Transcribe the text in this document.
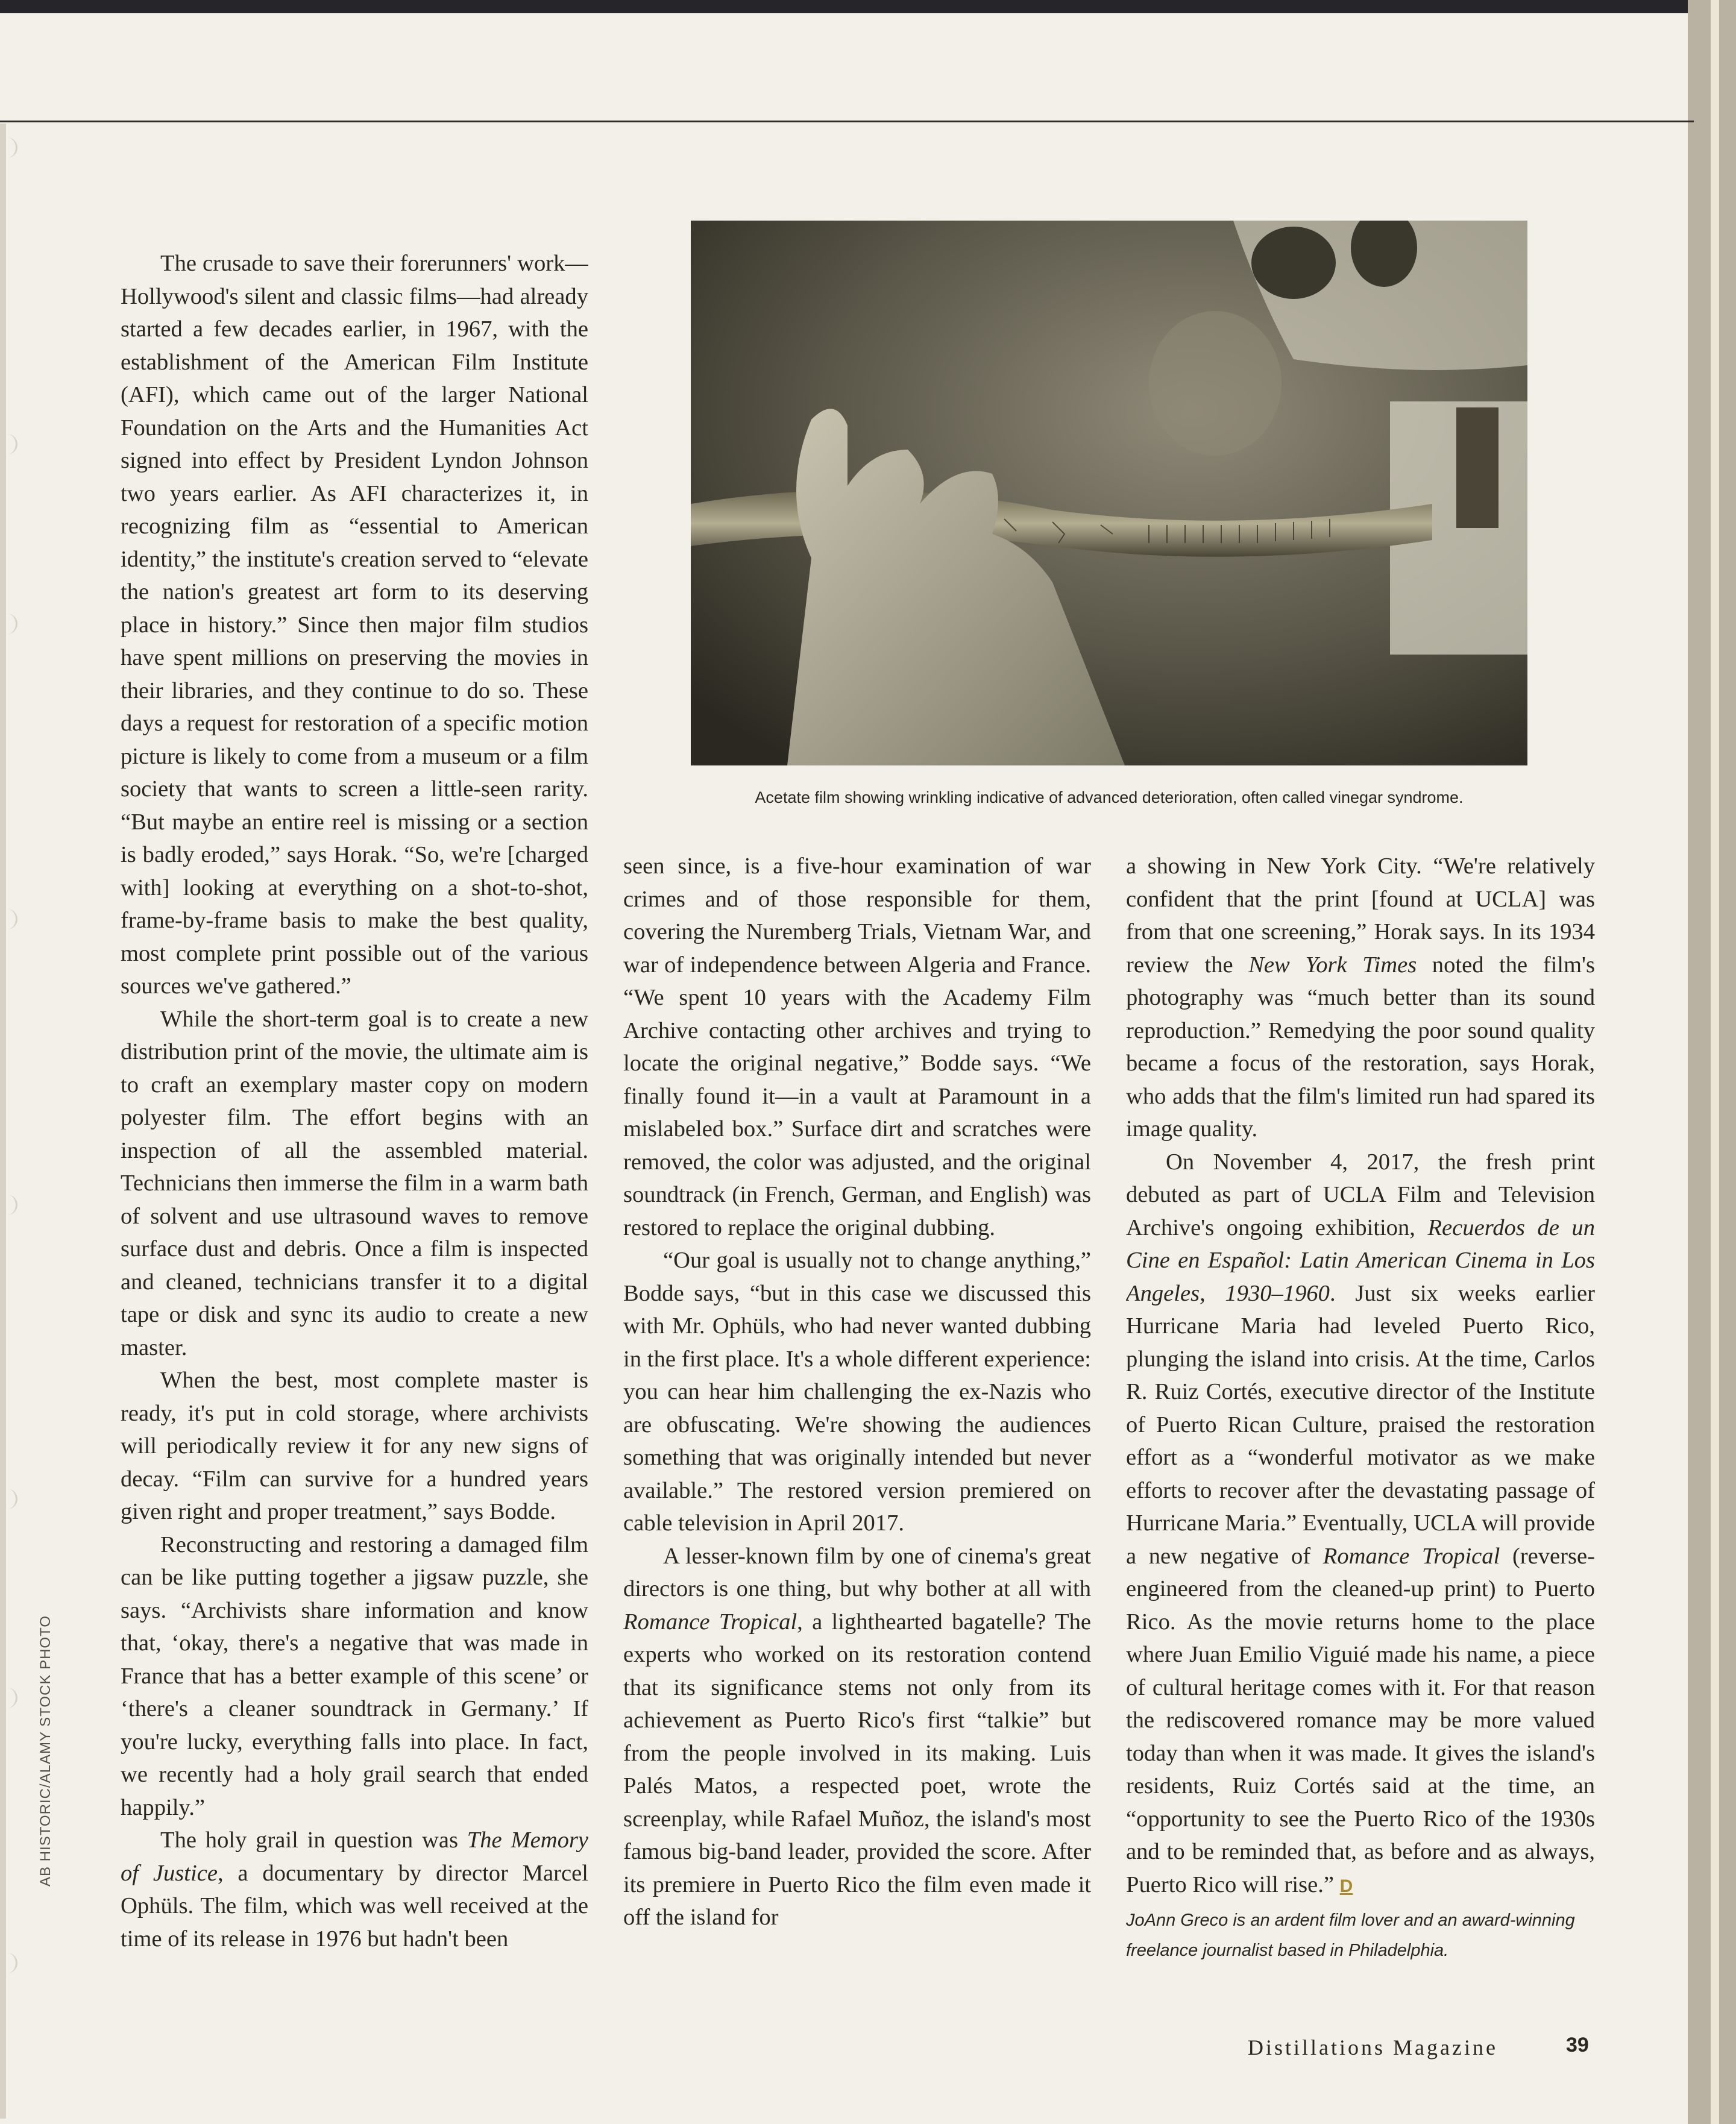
The crusade to save their forerunners' work—Hollywood's silent and classic films—had already started a few decades earlier, in 1967, with the establishment of the American Film Institute (AFI), which came out of the larger National Foundation on the Arts and the Humanities Act signed into effect by President Lyndon Johnson two years earlier. As AFI characterizes it, in recognizing film as “essential to American identity,” the institute's creation served to “elevate the nation's greatest art form to its deserving place in history.” Since then major film studios have spent millions on preserving the movies in their libraries, and they continue to do so. These days a request for restoration of a specific motion picture is likely to come from a museum or a film society that wants to screen a little-seen rarity. “But maybe an entire reel is missing or a section is badly eroded,” says Horak. “So, we're [charged with] looking at everything on a shot-to-shot, frame-by-frame basis to make the best quality, most complete print possible out of the various sources we've gathered.”

While the short-term goal is to create a new distribution print of the movie, the ultimate aim is to craft an exemplary master copy on modern polyester film. The effort begins with an inspection of all the assembled material. Technicians then immerse the film in a warm bath of solvent and use ultrasound waves to remove surface dust and debris. Once a film is inspected and cleaned, technicians transfer it to a digital tape or disk and sync its audio to create a new master.

When the best, most complete master is ready, it's put in cold storage, where archivists will periodically review it for any new signs of decay. “Film can survive for a hundred years given right and proper treatment,” says Bodde.

Reconstructing and restoring a damaged film can be like putting together a jigsaw puzzle, she says. “Archivists share information and know that, ‘okay, there's a negative that was made in France that has a better example of this scene’ or ‘there's a cleaner soundtrack in Germany.’ If you're lucky, everything falls into place. In fact, we recently had a holy grail search that ended happily.”

The holy grail in question was The Memory of Justice, a documentary by director Marcel Ophüls. The film, which was well received at the time of its release in 1976 but hadn't been

Acetate film showing wrinkling indicative of advanced deterioration, often called vinegar syndrome.

seen since, is a five-hour examination of war crimes and of those responsible for them, covering the Nuremberg Trials, Vietnam War, and war of independence between Algeria and France. “We spent 10 years with the Academy Film Archive contacting other archives and trying to locate the original negative,” Bodde says. “We finally found it—in a vault at Paramount in a mislabeled box.” Surface dirt and scratches were removed, the color was adjusted, and the original soundtrack (in French, German, and English) was restored to replace the original dubbing.

“Our goal is usually not to change anything,” Bodde says, “but in this case we discussed this with Mr. Ophüls, who had never wanted dubbing in the first place. It's a whole different experience: you can hear him challenging the ex-Nazis who are obfuscating. We're showing the audiences something that was originally intended but never available.” The restored version premiered on cable television in April 2017.

A lesser-known film by one of cinema's great directors is one thing, but why bother at all with Romance Tropical, a lighthearted bagatelle? The experts who worked on its restoration contend that its significance stems not only from its achievement as Puerto Rico's first “talkie” but from the people involved in its making. Luis Palés Matos, a respected poet, wrote the screenplay, while Rafael Muñoz, the island's most famous big-band leader, provided the score. After its premiere in Puerto Rico the film even made it off the island for

a showing in New York City. “We're relatively confident that the print [found at UCLA] was from that one screening,” Horak says. In its 1934 review the New York Times noted the film's photography was “much better than its sound reproduction.” Remedying the poor sound quality became a focus of the restoration, says Horak, who adds that the film's limited run had spared its image quality.

On November 4, 2017, the fresh print debuted as part of UCLA Film and Television Archive's ongoing exhibition, Recuerdos de un Cine en Español: Latin American Cinema in Los Angeles, 1930–1960. Just six weeks earlier Hurricane Maria had leveled Puerto Rico, plunging the island into crisis. At the time, Carlos R. Ruiz Cortés, executive director of the Institute of Puerto Rican Culture, praised the restoration effort as a “wonderful motivator as we make efforts to recover after the devastating passage of Hurricane Maria.” Eventually, UCLA will provide a new negative of Romance Tropical (reverse-engineered from the cleaned-up print) to Puerto Rico. As the movie returns home to the place where Juan Emilio Viguié made his name, a piece of cultural heritage comes with it. For that reason the rediscovered romance may be more valued today than when it was made. It gives the island's residents, Ruiz Cortés said at the time, an “opportunity to see the Puerto Rico of the 1930s and to be reminded that, as before and as always, Puerto Rico will rise.” D

JoAnn Greco is an ardent film lover and an award-winning freelance journalist based in Philadelphia.
AB HISTORIC/ALAMY STOCK PHOTO
Distillations Magazine	39
